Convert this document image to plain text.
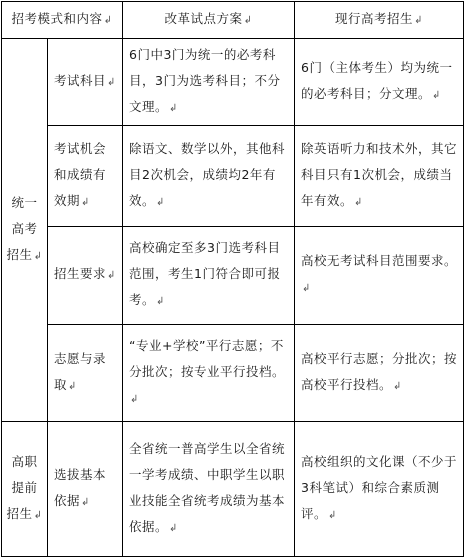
招考模式和内容↲		改革试点方案↲	现行高考招生↲
统一高考招生↲	考试科目↲	6门中3门为统一的必考科目，3门为选考科目；不分文理。↲	6门（主体考生）均为统一的必考科目；分文理。↲
	考试机会和成绩有效期↲	除语文、数学以外，其他科目2次机会，成绩均2年有效。↲	除英语听力和技术外，其它科目只有1次机会，成绩当年有效。↲
	招生要求↲	高校确定至多3门选考科目范围，考生1门符合即可报考。↲	高校无考试科目范围要求。↲
	志愿与录取↲	“专业+学校”平行志愿；不分批次；按专业平行投档。↲	高校平行志愿；分批次；按高校平行投档。↲
高职提前招生↲	选拔基本依据↲	全省统一普高学生以全省统一学考成绩、中职学生以职业技能全省统考成绩为基本依据。↲	高校组织的文化课（不少于3科笔试）和综合素质测评。↲
